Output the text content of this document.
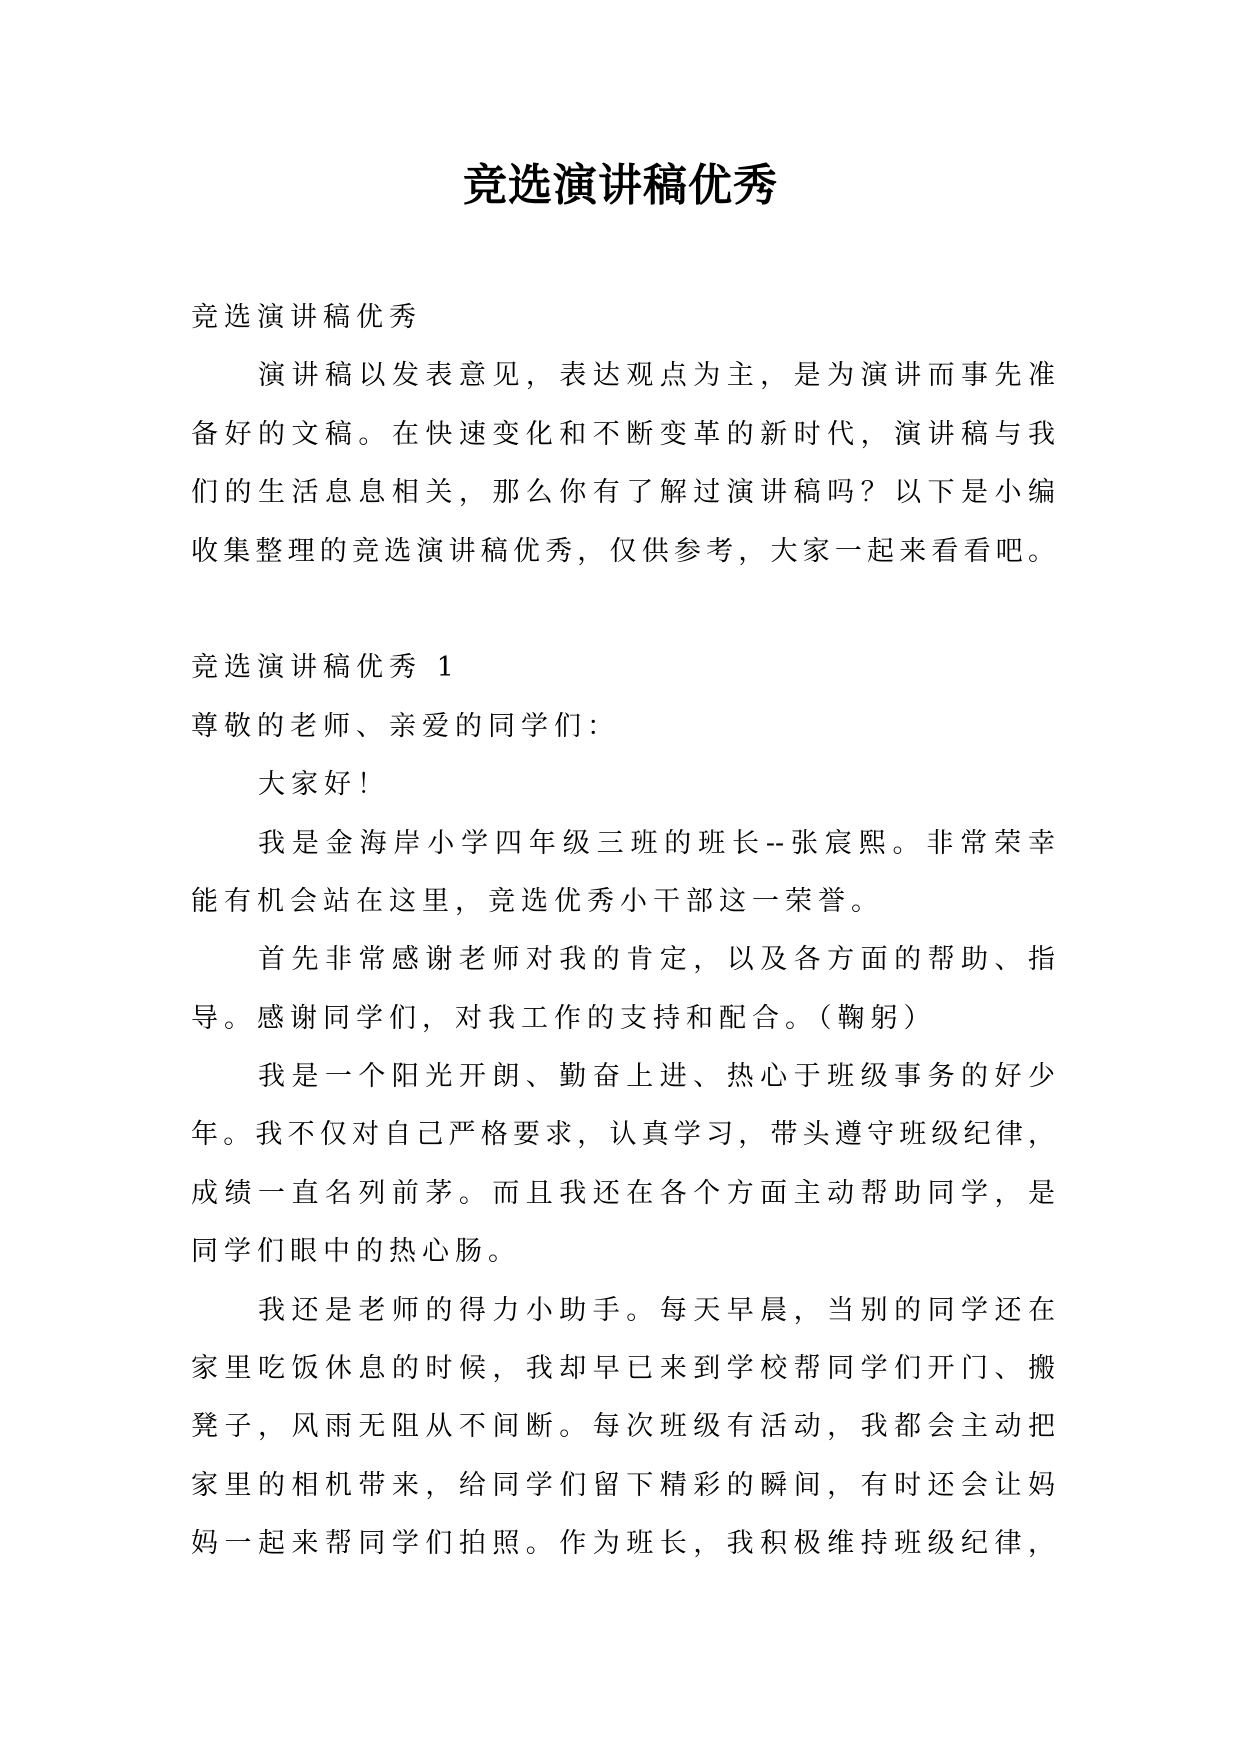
竞选演讲稿优秀
竞选演讲稿优秀
演讲稿以发表意见，表达观点为主，是为演讲而事先准
备好的文稿。在快速变化和不断变革的新时代，演讲稿与我
们的生活息息相关，那么你有了解过演讲稿吗？以下是小编
收集整理的竞选演讲稿优秀，仅供参考，大家一起来看看吧。
竞选演讲稿优秀 1
尊敬的老师、亲爱的同学们：
大家好！
我是金海岸小学四年级三班的班长--张宸熙。非常荣幸
能有机会站在这里，竞选优秀小干部这一荣誉。
首先非常感谢老师对我的肯定，以及各方面的帮助、指
导。感谢同学们，对我工作的支持和配合。（鞠躬）
我是一个阳光开朗、勤奋上进、热心于班级事务的好少
年。我不仅对自己严格要求，认真学习，带头遵守班级纪律，
成绩一直名列前茅。而且我还在各个方面主动帮助同学，是
同学们眼中的热心肠。
我还是老师的得力小助手。每天早晨，当别的同学还在
家里吃饭休息的时候，我却早已来到学校帮同学们开门、搬
凳子，风雨无阻从不间断。每次班级有活动，我都会主动把
家里的相机带来，给同学们留下精彩的瞬间，有时还会让妈
妈一起来帮同学们拍照。作为班长，我积极维持班级纪律，
